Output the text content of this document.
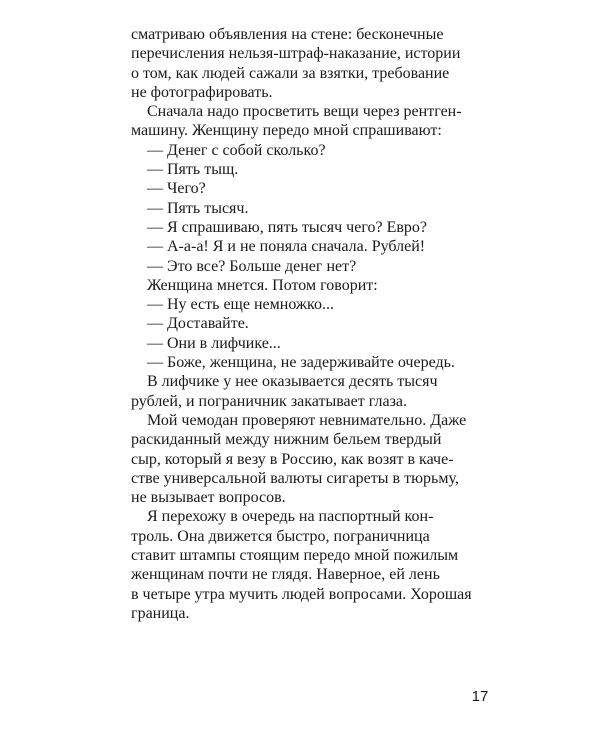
сматриваю объявления на стене: бесконечные
перечисления нельзя-штраф-наказание, истории
о том, как людей сажали за взятки, требование
не фотографировать.
Сначала надо просветить вещи через рентген-
машину. Женщину передо мной спрашивают:
— Денег с собой сколько?
— Пять тыщ.
— Чего?
— Пять тысяч.
— Я спрашиваю, пять тысяч чего? Евро?
— А-а-а! Я и не поняла сначала. Рублей!
— Это все? Больше денег нет?
Женщина мнется. Потом говорит:
— Ну есть еще немножко...
— Доставайте.
— Они в лифчике...
— Боже, женщина, не задерживайте очередь.
В лифчике у нее оказывается десять тысяч
рублей, и пограничник закатывает глаза.
Мой чемодан проверяют невнимательно. Даже
раскиданный между нижним бельем твердый
сыр, который я везу в Россию, как возят в каче-
стве универсальной валюты сигареты в тюрьму,
не вызывает вопросов.
Я перехожу в очередь на паспортный кон-
троль. Она движется быстро, пограничница
ставит штампы стоящим передо мной пожилым
женщинам почти не глядя. Наверное, ей лень
в четыре утра мучить людей вопросами. Хорошая
граница.
17
